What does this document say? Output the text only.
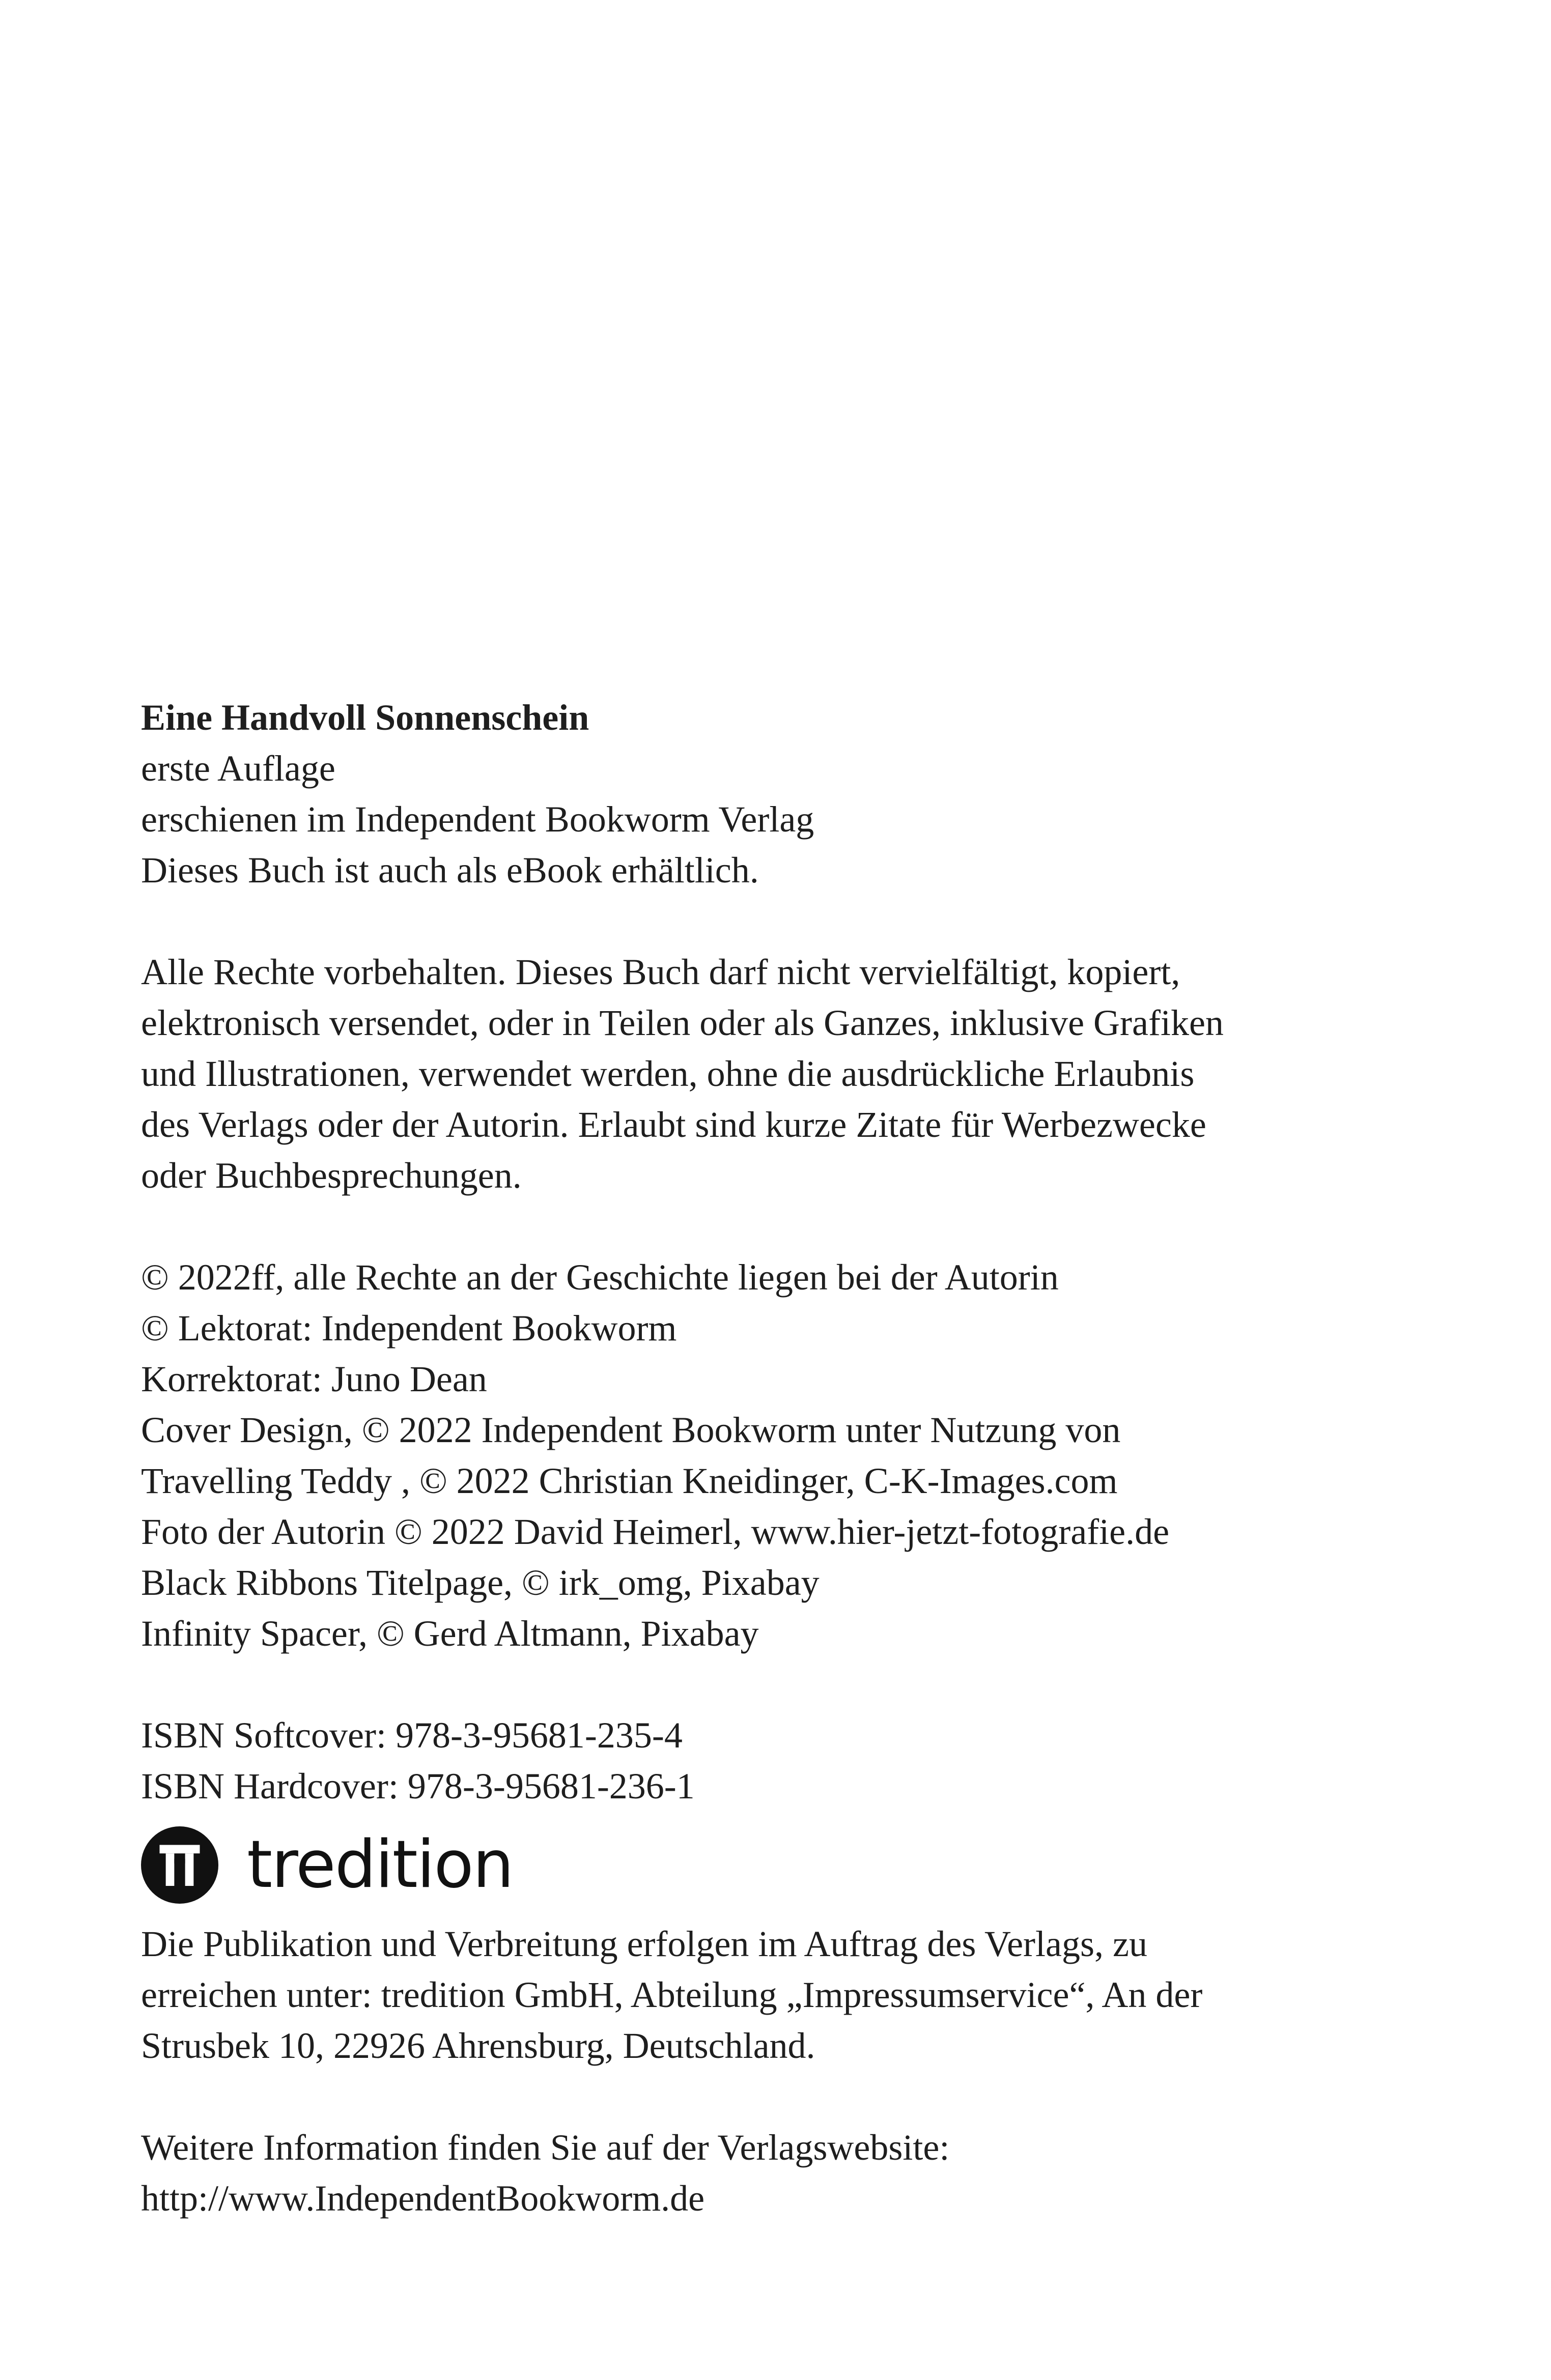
Eine Handvoll Sonnenschein
erste Auflage
erschienen im Independent Bookworm Verlag
Dieses Buch ist auch als eBook erhältlich.
Alle Rechte vorbehalten. Dieses Buch darf nicht vervielfältigt, kopiert,
elektronisch versendet, oder in Teilen oder als Ganzes, inklusive Grafiken
und Illustrationen, verwendet werden, ohne die ausdrückliche Erlaubnis
des Verlags oder der Autorin. Erlaubt sind kurze Zitate für Werbezwecke
oder Buchbesprechungen.
© 2022ff, alle Rechte an der Geschichte liegen bei der Autorin
© Lektorat: Independent Bookworm
Korrektorat: Juno Dean
Cover Design, © 2022 Independent Bookworm unter Nutzung von
Travelling Teddy , © 2022 Christian Kneidinger, C-K-Images.com
Foto der Autorin © 2022 David Heimerl, www.hier-jetzt-fotografie.de
Black Ribbons Titelpage, © irk_omg, Pixabay
Infinity Spacer, © Gerd Altmann, Pixabay
ISBN Softcover: 978-3-95681-235-4
ISBN Hardcover: 978-3-95681-236-1
tredition
Die Publikation und Verbreitung erfolgen im Auftrag des Verlags, zu
erreichen unter: tredition GmbH, Abteilung „Impressumservice“, An der
Strusbek 10, 22926 Ahrensburg, Deutschland.
Weitere Information finden Sie auf der Verlagswebsite:
http://www.IndependentBookworm.de
